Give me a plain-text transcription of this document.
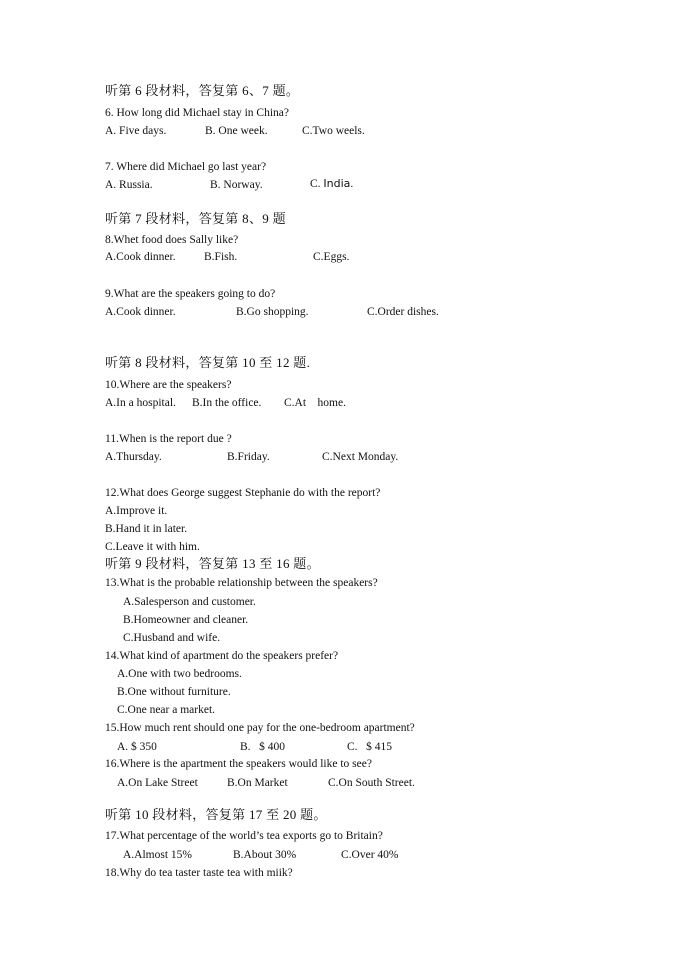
听第 6 段材料，答复第 6、7 题。
6. How long did Michael stay in China?
A. Five days.	B. One week.	C.Two weels.
7. Where did Michael go last year?
A. Russia.	B. Norway.	C. India.
听第 7 段材料，答复第 8、9 题
8.Whet food does Sally like?
A.Cook dinner. B.Fish.	C.Eggs.
9.What are the speakers going to do?
A.Cook dinner.	B.Go shopping.	C.Order dishes.
听第 8 段材料，答复第 10 至 12 题.
10.Where are the speakers?
A.In a hospital. B.In the office. C.At    home.
11.When is the report due ?
A.Thursday.	B.Friday.	C.Next Monday.
12.What does George suggest Stephanie do with the report?
A.Improve it.
B.Hand it in later.
C.Leave it with him.
听第 9 段材料，答复第 13 至 16 题。
13.What is the probable relationship between the speakers?
A.Salesperson and customer.
B.Homeowner and cleaner.
C.Husband and wife.
14.What kind of apartment do the speakers prefer?
A.One with two bedrooms.
B.One without furniture.
C.One near a market.
15.How much rent should one pay for the one-bedroom apartment?
A. $ 350	B.   $ 400	C.   $ 415
16.Where is the apartment the speakers would like to see?
A.On Lake Street	B.On Market	C.On South Street.
听第 10 段材料，答复第 17 至 20 题。
17.What percentage of the world’s tea exports go to Britain?
A.Almost 15%	B.About 30%	C.Over 40%
18.Why do tea taster taste tea with miik?
